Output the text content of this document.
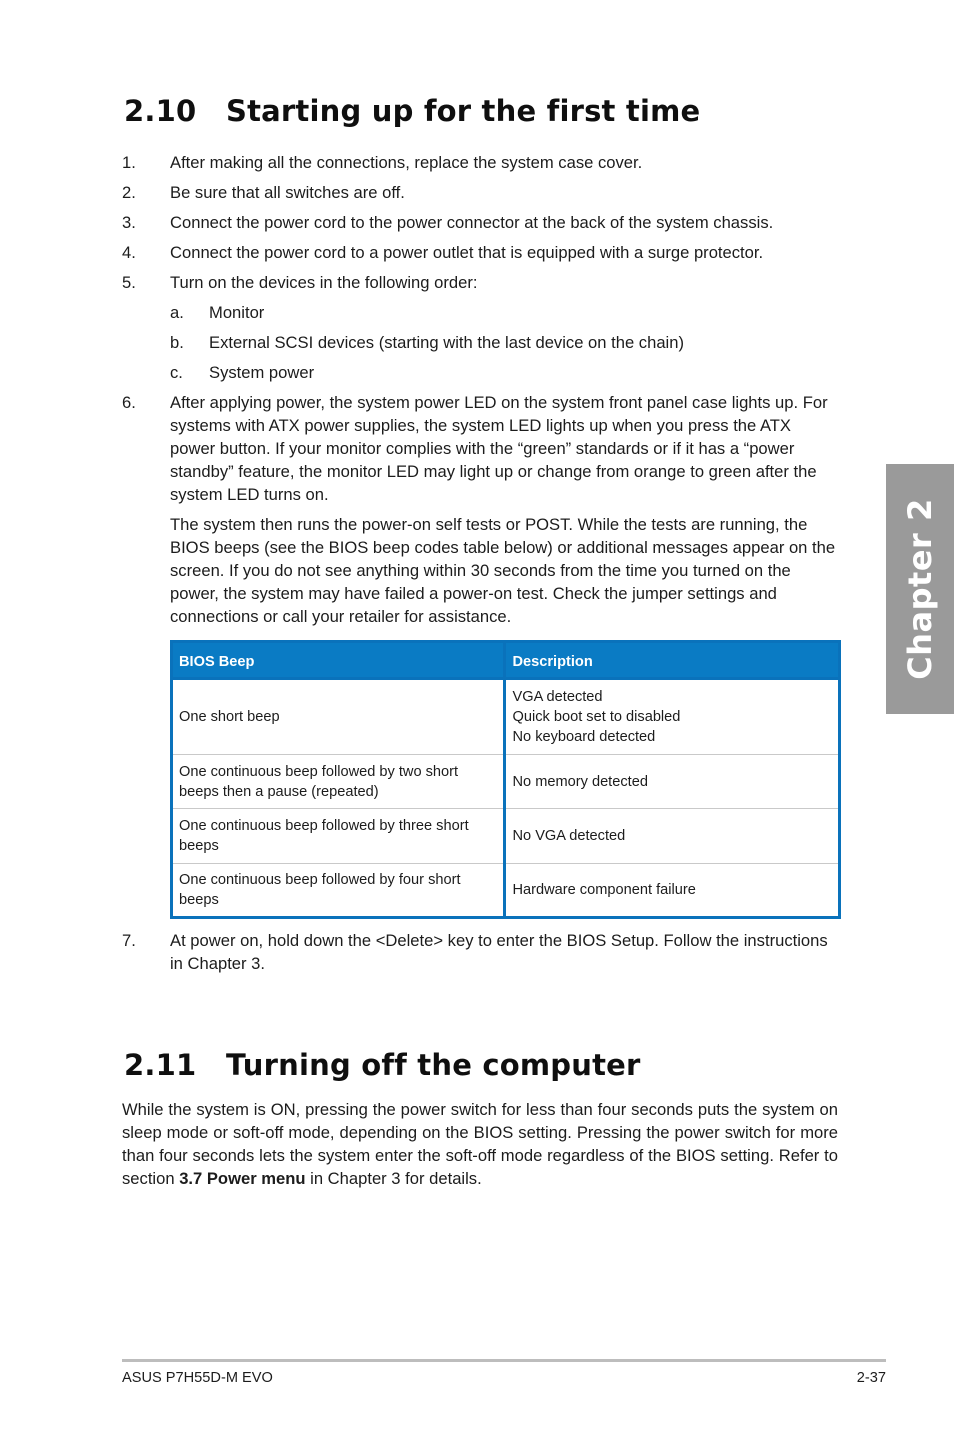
2.10 Starting up for the first time
1. After making all the connections, replace the system case cover.
2. Be sure that all switches are off.
3. Connect the power cord to the power connector at the back of the system chassis.
4. Connect the power cord to a power outlet that is equipped with a surge protector.
5. Turn on the devices in the following order:
a. Monitor
b. External SCSI devices (starting with the last device on the chain)
c. System power
6. After applying power, the system power LED on the system front panel case lights up. For systems with ATX power supplies, the system LED lights up when you press the ATX power button. If your monitor complies with the “green” standards or if it has a “power standby” feature, the monitor LED may light up or change from orange to green after the system LED turns on.

The system then runs the power-on self tests or POST. While the tests are running, the BIOS beeps (see the BIOS beep codes table below) or additional messages appear on the screen. If you do not see anything within 30 seconds from the time you turned on the power, the system may have failed a power-on test. Check the jumper settings and connections or call your retailer for assistance.

BIOS Beep	Description
One short beep	VGA detected
Quick boot set to disabled
No keyboard detected

One continuous beep followed by two short beeps then a pause (repeated)	No memory detected

One continuous beep followed by three short beeps	No VGA detected

One continuous beep followed by four short beeps	Hardware component failure
7. At power on, hold down the <Delete> key to enter the BIOS Setup. Follow the instructions in Chapter 3.
2.11 Turning off the computer

While the system is ON, pressing the power switch for less than four seconds puts the system on sleep mode or soft-off mode, depending on the BIOS setting. Pressing the power switch for more than four seconds lets the system enter the soft-off mode regardless of the BIOS setting. Refer to section 3.7 Power menu in Chapter 3 for details.

Chapter 2
ASUS P7H55D-M EVO	2-37
